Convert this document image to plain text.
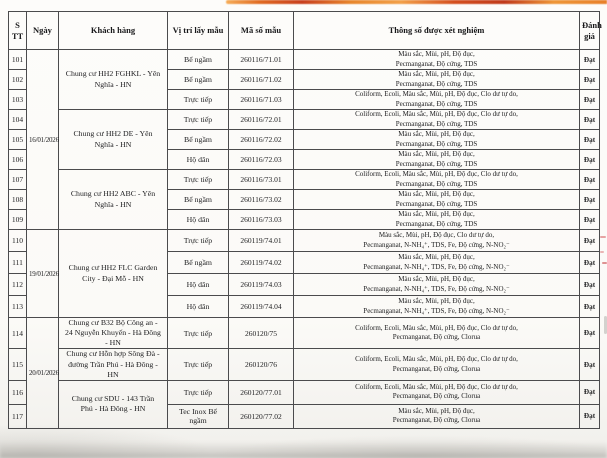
S
TT	Ngày	Khách hàng	Vị trí lấy mẫu	Mã số mẫu	Thông số được xét nghiệm	Đánh
giá
101	16/01/2026	Chung cư HH2 FGHKL - Yên Nghĩa - HN	Bể ngầm	260116/71.01	Màu sắc, Mùi, pH, Độ đục,
Pecmanganat, Độ cứng, TDS	Đạt
102			Bể ngầm	260116/71.02	Màu sắc, Mùi, pH, Độ đục,
Pecmanganat, Độ cứng, TDS	Đạt
103			Trực tiếp	260116/71.03	Coliform, Ecoli, Màu sắc, Mùi, pH, Độ đục, Clo dư tự do,
Pecmanganat, Độ cứng, TDS	Đạt
104		Chung cư HH2 DE - Yên Nghĩa - HN	Trực tiếp	260116/72.01	Coliform, Ecoli, Màu sắc, Mùi, pH, Độ đục, Clo dư tự do,
Pecmanganat, Độ cứng, TDS	Đạt
105			Bể ngầm	260116/72.02	Màu sắc, Mùi, pH, Độ đục,
Pecmanganat, Độ cứng, TDS	Đạt
106			Hộ dân	260116/72.03	Màu sắc, Mùi, pH, Độ đục,
Pecmanganat, Độ cứng, TDS	Đạt
107		Chung cư HH2 ABC - Yên Nghĩa - HN	Trực tiếp	260116/73.01	Coliform, Ecoli, Màu sắc, Mùi, pH, Độ đục, Clo dư tự do,
Pecmanganat, Độ cứng, TDS	Đạt
108			Bể ngầm	260116/73.02	Màu sắc, Mùi, pH, Độ đục,
Pecmanganat, Độ cứng, TDS	Đạt
109			Hộ dân	260116/73.03	Màu sắc, Mùi, pH, Độ đục,
Pecmanganat, Độ cứng, TDS	Đạt
110	19/01/2026	Chung cư HH2 FLC Garden City - Đại Mỗ - HN	Trực tiếp	260119/74.01	Màu sắc, Mùi, pH, Độ đục, Clo dư tự do,
Pecmanganat, N-NH₄⁺, TDS, Fe, Độ cứng, N-NO₂⁻	Đạt
111			Bể ngầm	260119/74.02	Màu sắc, Mùi, pH, Độ đục,
Pecmanganat, N-NH₄⁺, TDS, Fe, Độ cứng, N-NO₂⁻	Đạt
112			Hộ dân	260119/74.03	Màu sắc, Mùi, pH, Độ đục,
Pecmanganat, N-NH₄⁺, TDS, Fe, Độ cứng, N-NO₂⁻	Đạt
113			Hộ dân	260119/74.04	Màu sắc, Mùi, pH, Độ đục,
Pecmanganat, N-NH₄⁺, TDS, Fe, Độ cứng, N-NO₂⁻	Đạt
114	20/01/2026	Chung cư B32 Bộ Công an - 24 Nguyễn Khuyến - Hà Đông - HN	Trực tiếp	260120/75	Coliform, Ecoli, Màu sắc, Mùi, pH, Độ đục, Clo dư tự do,
Pecmanganat, Độ cứng, Clorua	Đạt
115		Chung cư Hỗn hợp Sông Đà - đường Trần Phú - Hà Đông - HN	Trực tiếp	260120/76	Coliform, Ecoli, Màu sắc, Mùi, pH, Độ đục, Clo dư tự do,
Pecmanganat, Độ cứng, Clorua	Đạt
116		Chung cư SDU - 143 Trần Phú - Hà Đông - HN	Trực tiếp	260120/77.01	Coliform, Ecoli, Màu sắc, Mùi, pH, Độ đục, Clo dư tự do,
Pecmanganat, Độ cứng, Clorua	Đạt
117			Tec Inox Bể ngầm	260120/77.02	Màu sắc, Mùi, pH, Độ đục,
Pecmanganat, Độ cứng, Clorua	Đạt
